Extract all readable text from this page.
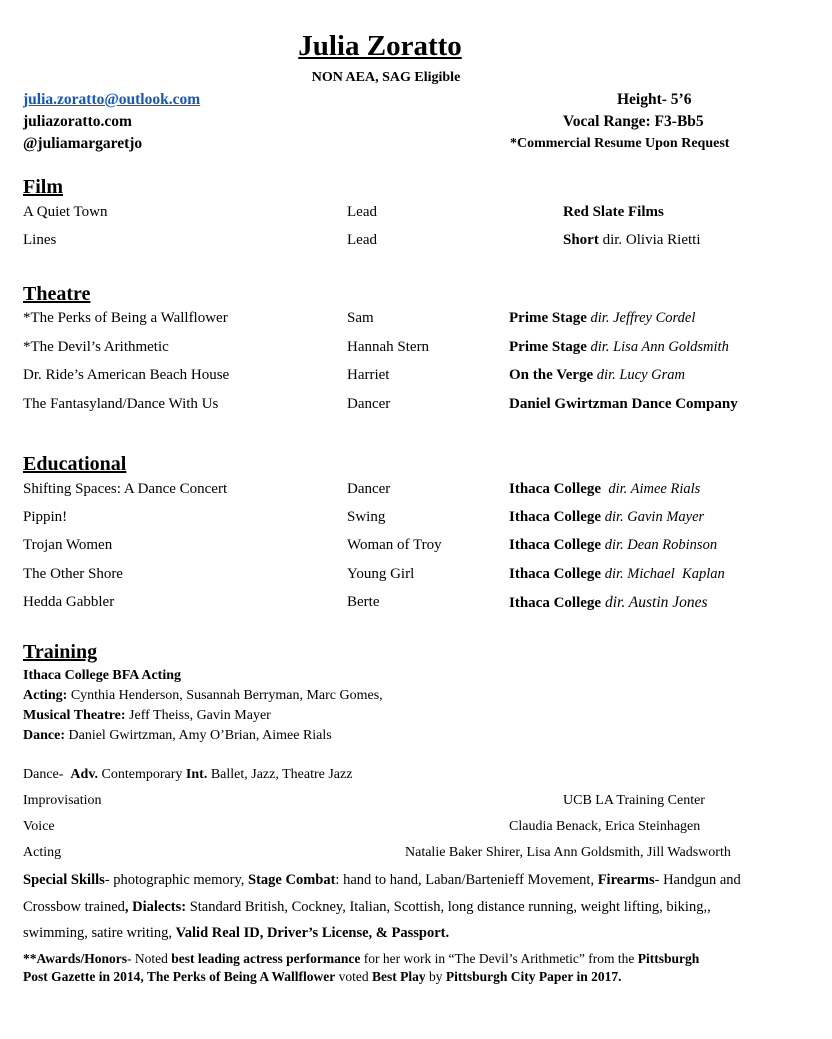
Julia Zoratto
NON AEA, SAG Eligible
julia.zoratto@outlook.com
juliazoratto.com
@juliamargaretjo
Height- 5’6
Vocal Range: F3-Bb5
*Commercial Resume Upon Request
Film
A Quiet Town	Lead	Red Slate Films
Lines	Lead	Short dir. Olivia Rietti
Theatre
*The Perks of Being a Wallflower	Sam	Prime Stage dir. Jeffrey Cordel
*The Devil’s Arithmetic	Hannah Stern	Prime Stage dir. Lisa Ann Goldsmith
Dr. Ride’s American Beach House	Harriet	On the Verge dir. Lucy Gram
The Fantasyland/Dance With Us	Dancer	Daniel Gwirtzman Dance Company
Educational
Shifting Spaces: A Dance Concert	Dancer	Ithaca College  dir. Aimee Rials
Pippin!	Swing	Ithaca College dir. Gavin Mayer
Trojan Women	Woman of Troy	Ithaca College dir. Dean Robinson
The Other Shore	Young Girl	Ithaca College dir. Michael  Kaplan
Hedda Gabbler	Berte	Ithaca College dir. Austin Jones
Training
Ithaca College BFA Acting
Acting: Cynthia Henderson, Susannah Berryman, Marc Gomes,
Musical Theatre: Jeff Theiss, Gavin Mayer
Dance: Daniel Gwirtzman, Amy O’Brian, Aimee Rials
Dance-  Adv. Contemporary Int. Ballet, Jazz, Theatre Jazz
Improvisation	UCB LA Training Center
Voice	Claudia Benack, Erica Steinhagen
Acting	Natalie Baker Shirer, Lisa Ann Goldsmith, Jill Wadsworth
Special Skills- photographic memory, Stage Combat: hand to hand, Laban/Bartenieff Movement, Firearms- Handgun and
Crossbow trained, Dialects: Standard British, Cockney, Italian, Scottish, long distance running, weight lifting, biking,,
swimming, satire writing, Valid Real ID, Driver’s License, & Passport.
**Awards/Honors- Noted best leading actress performance for her work in “The Devil’s Arithmetic” from the Pittsburgh
Post Gazette in 2014, The Perks of Being A Wallflower voted Best Play by Pittsburgh City Paper in 2017.
